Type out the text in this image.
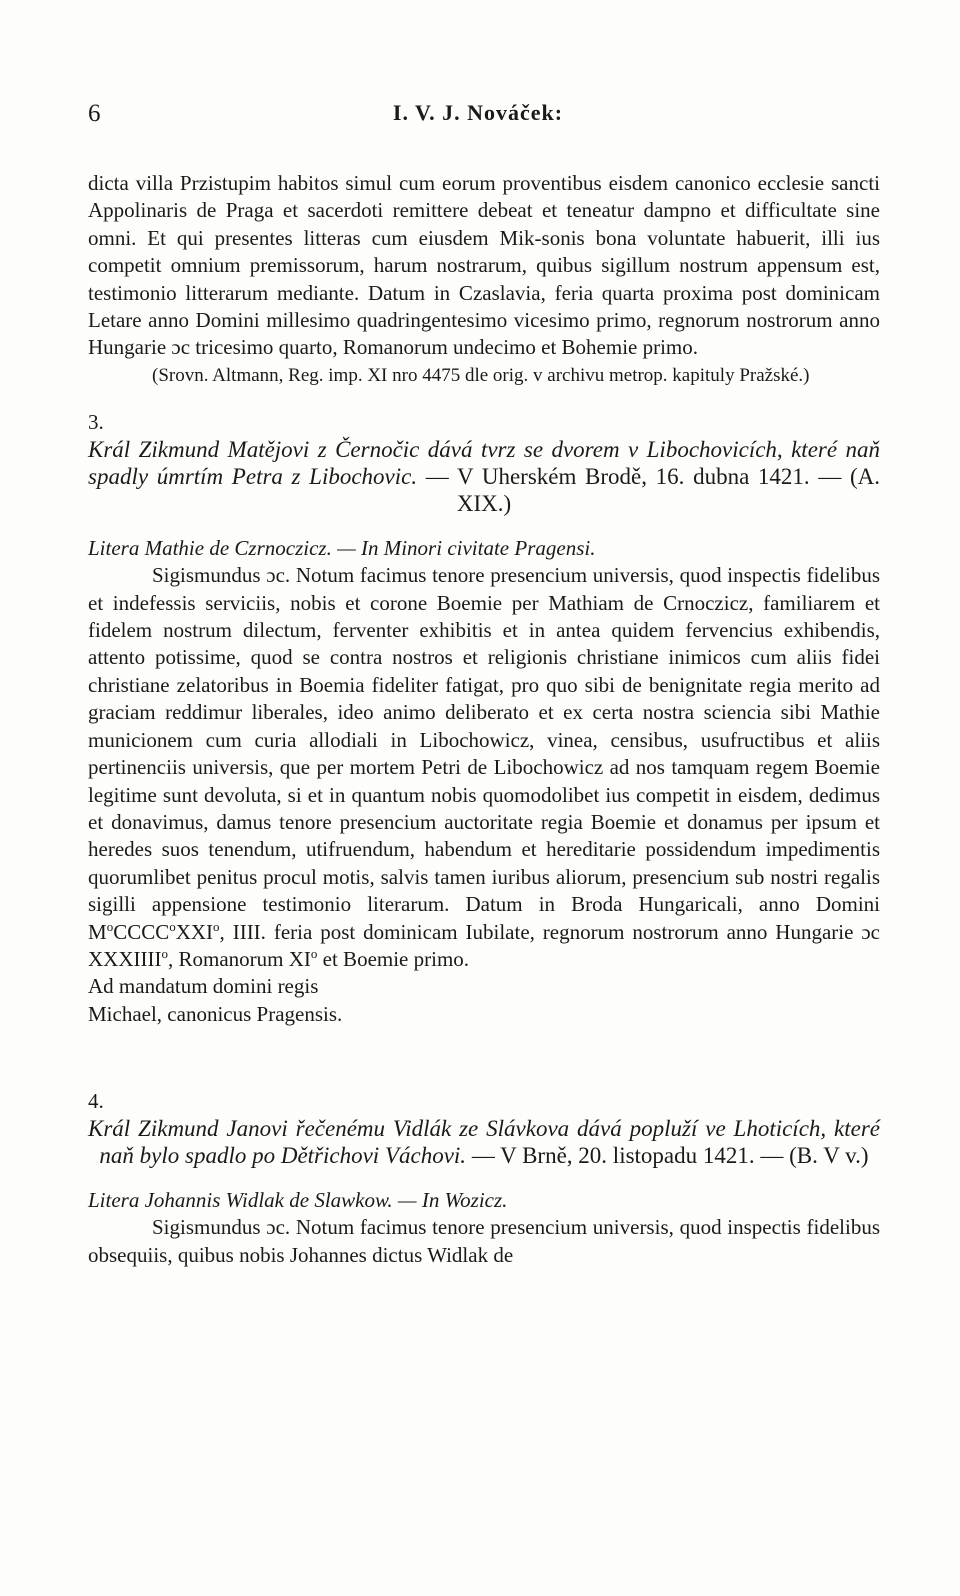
6	I. V. J. Nováček:

dicta villa Przistupim habitos simul cum eorum proventibus eisdem canonico ecclesie sancti Appolinaris de Praga et sacerdoti remittere debeat et teneatur dampno et difficultate sine omni. Et qui presentes litteras cum eiusdem Mik-sonis bona voluntate habuerit, illi ius competit omnium premissorum, harum nostrarum, quibus sigillum nostrum appensum est, testimonio litterarum mediante. Datum in Czaslavia, feria quarta proxima post dominicam Letare anno Domini millesimo quadringentesimo vicesimo primo, regnorum nostrorum anno Hungarie ɔc tricesimo quarto, Romanorum undecimo et Bohemie primo.

(Srovn. Altmann, Reg. imp. XI nro 4475 dle orig. v archivu metrop. kapituly Pražské.)

3.

Král Zikmund Matějovi z Černočic dává tvrz se dvorem v Libochovicích, které naň spadly úmrtím Petra z Libochovic. — V Uherském Brodě, 16. dubna 1421. — (A. XIX.)

Litera Mathie de Czrnoczicz. — In Minori civitate Pragensi.

Sigismundus ɔc. Notum facimus tenore presencium universis, quod inspectis fidelibus et indefessis serviciis, nobis et corone Boemie per Mathiam de Crnoczicz, familiarem et fidelem nostrum dilectum, ferventer exhibitis et in antea quidem fervencius exhibendis, attento potissime, quod se contra nostros et religionis christiane inimicos cum aliis fidei christiane zelatoribus in Boemia fideliter fatigat, pro quo sibi de benignitate regia merito ad graciam reddimur liberales, ideo animo deliberato et ex certa nostra sciencia sibi Mathie municionem cum curia allodiali in Libochowicz, vinea, censibus, usufructibus et aliis pertinenciis universis, que per mortem Petri de Libochowicz ad nos tamquam regem Boemie legitime sunt devoluta, si et in quantum nobis quomodolibet ius competit in eisdem, dedimus et donavimus, damus tenore presencium auctoritate regia Boemie et donamus per ipsum et heredes suos tenendum, utifruendum, habendum et hereditarie possidendum impedimentis quorumlibet penitus procul motis, salvis tamen iuribus aliorum, presencium sub nostri regalis sigilli appensione testimonio literarum. Datum in Broda Hungaricali, anno Domini $M^oCCCC^oXXI^o$, IIII. feria post dominicam Iubilate, regnorum nostrorum anno Hungarie ɔc XXXIIII$^o$, Romanorum $XI^o$ et Boemie primo.

Ad mandatum domini regis
Michael, canonicus Pragensis.

4.

Král Zikmund Janovi řečenému Vidlák ze Slávkova dává popluží ve Lhoticích, které naň bylo spadlo po Dětřichovi Váchovi. — V Brně, 20. listopadu 1421. — (B. V v.)

Litera Johannis Widlak de Slawkow. — In Wozicz.

Sigismundus ɔc. Notum facimus tenore presencium universis, quod inspectis fidelibus obsequiis, quibus nobis Johannes dictus Widlak de
